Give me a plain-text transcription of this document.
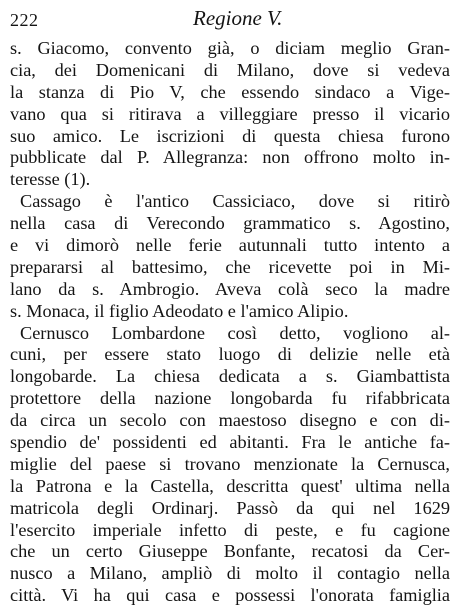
222	Regione V.
s. Giacomo, convento già, o diciam meglio Gran-
cia, dei Domenicani di Milano, dove si vedeva
la stanza di Pio V, che essendo sindaco a Vige-
vano qua si ritirava a villeggiare presso il vicario
suo amico. Le iscrizioni di questa chiesa furono
pubblicate dal P. Allegranza: non offrono molto in-
teresse (1).
Cassago è l'antico Cassiciaco, dove si ritirò
nella casa di Verecondo grammatico s. Agostino,
e vi dimorò nelle ferie autunnali tutto intento a
prepararsi al battesimo, che ricevette poi in Mi-
lano da s. Ambrogio. Aveva colà seco la madre
s. Monaca, il figlio Adeodato e l'amico Alipio.
Cernusco Lombardone così detto, vogliono al-
cuni, per essere stato luogo di delizie nelle età
longobarde. La chiesa dedicata a s. Giambattista
protettore della nazione longobarda fu rifabbricata
da circa un secolo con maestoso disegno e con di-
spendio de' possidenti ed abitanti. Fra le antiche fa-
miglie del paese si trovano menzionate la Cernusca,
la Patrona e la Castella, descritta quest' ultima nella
matricola degli Ordinarj. Passò da qui nel 1629
l'esercito imperiale infetto di peste, e fu cagione
che un certo Giuseppe Bonfante, recatosi da Cer-
nusco a Milano, ampliò di molto il contagio nella
città. Vi ha qui casa e possessi l'onorata famiglia
